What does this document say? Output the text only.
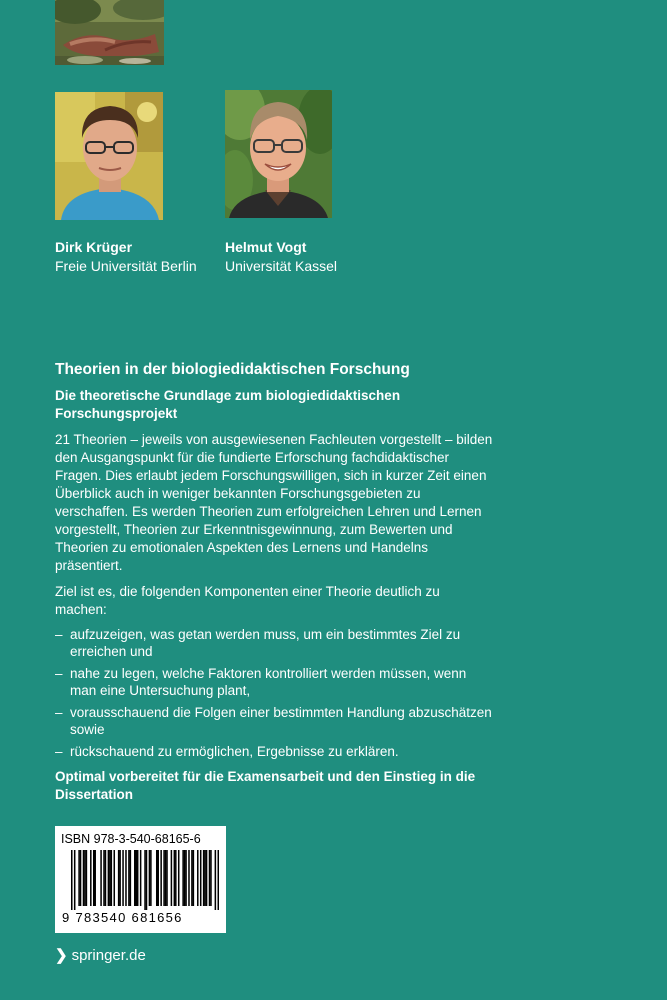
Dirk Krüger
Freie Universität Berlin
Helmut Vogt
Universität Kassel
Theorien in der biologiedidaktischen Forschung
Die theoretische Grundlage zum biologiedidaktischen Forschungsprojekt
21 Theorien – jeweils von ausgewiesenen Fachleuten vorgestellt – bilden den Ausgangspunkt für die fundierte Erforschung fachdidaktischer Fragen. Dies erlaubt jedem Forschungswilligen, sich in kurzer Zeit einen Überblick auch in weniger bekannten Forschungsgebieten zu verschaffen. Es werden Theorien zum erfolgreichen Lehren und Lernen vorgestellt, Theorien zur Erkenntnisgewinnung, zum Bewerten und Theorien zu emotionalen Aspekten des Lernens und Handelns präsentiert.
Ziel ist es, die folgenden Komponenten einer Theorie deutlich zu machen:
– aufzuzeigen, was getan werden muss, um ein bestimmtes Ziel zu erreichen und
– nahe zu legen, welche Faktoren kontrolliert werden müssen, wenn man eine Untersuchung plant,
– vorausschauend die Folgen einer bestimmten Handlung abzuschätzen sowie
– rückschauend zu ermöglichen, Ergebnisse zu erklären.
Optimal vorbereitet für die Examensarbeit und den Einstieg in die Dissertation
ISBN 978-3-540-68165-6
9 783540 681656
❯ springer.de
